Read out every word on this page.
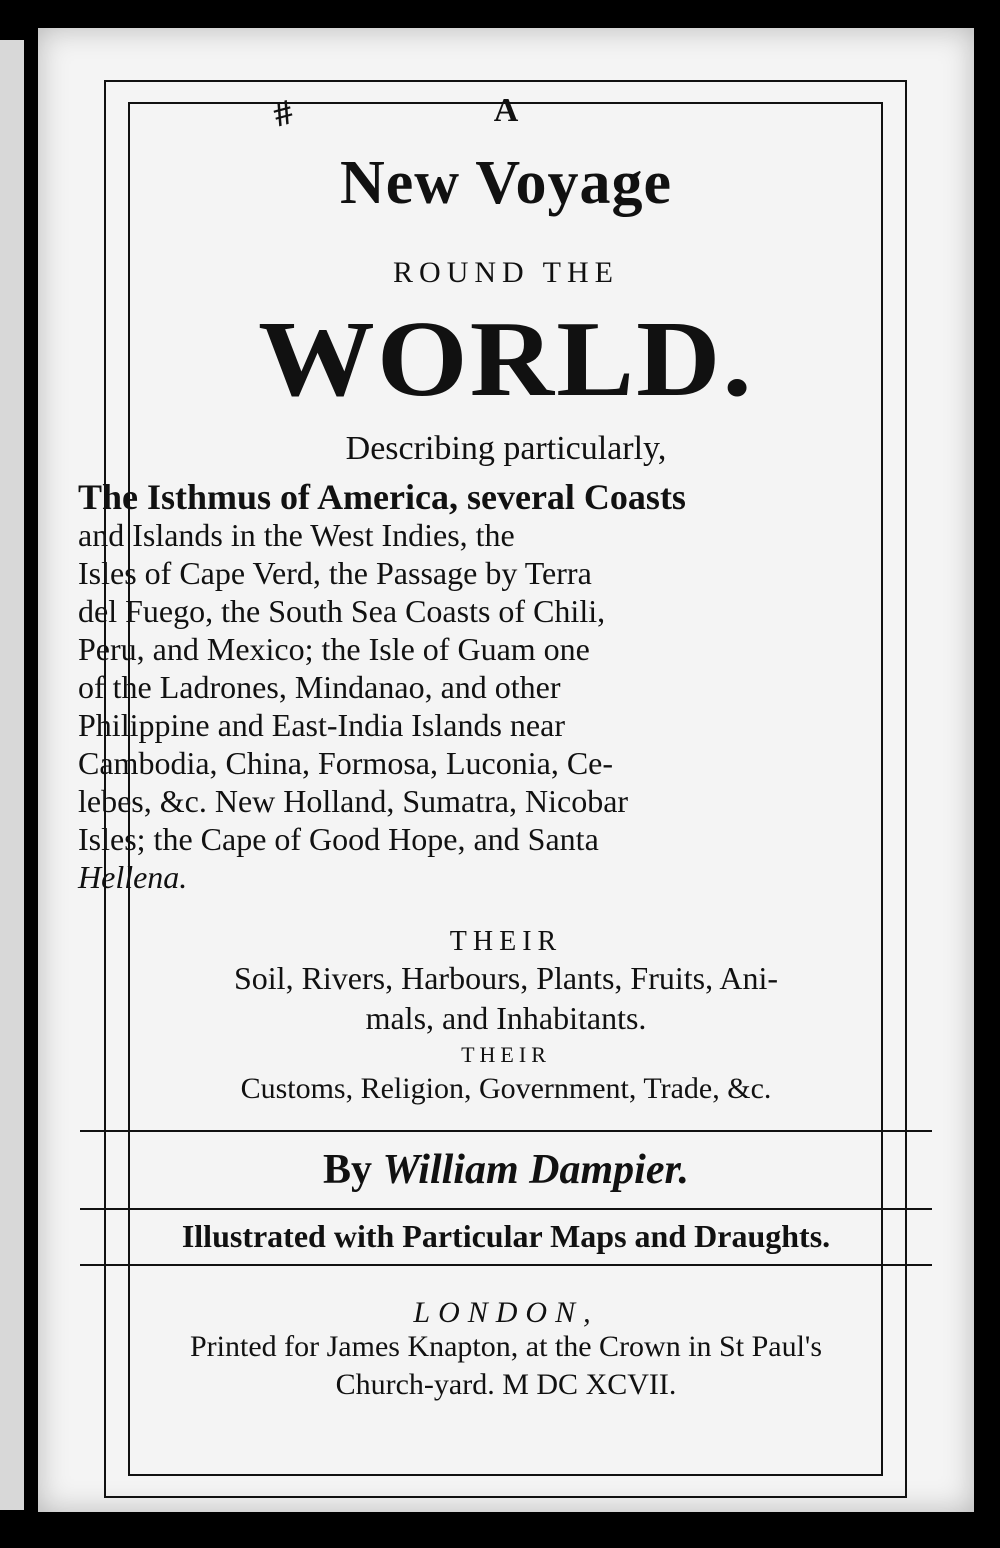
#	A
New Voyage
ROUND THE
WORLD.
Describing particularly,
The Isthmus of America, several Coasts
and Islands in the West Indies, the
Isles of Cape Verd, the Passage by Terra
del Fuego, the South Sea Coasts of Chili,
Peru, and Mexico; the Isle of Guam one
of the Ladrones, Mindanao, and other
Philippine and East-India Islands near
Cambodia, China, Formosa, Luconia, Ce-
lebes, &c. New Holland, Sumatra, Nicobar
Isles; the Cape of Good Hope, and Santa
Hellena.
THEIR
Soil, Rivers, Harbours, Plants, Fruits, Ani-
mals, and Inhabitants.
THEIR
Customs, Religion, Government, Trade, &c.
By William Dampier.
Illustrated with Particular Maps and Draughts.
LONDON,
Printed for James Knapton, at the Crown in St Paul's
Church-yard. M DC XCVII.
